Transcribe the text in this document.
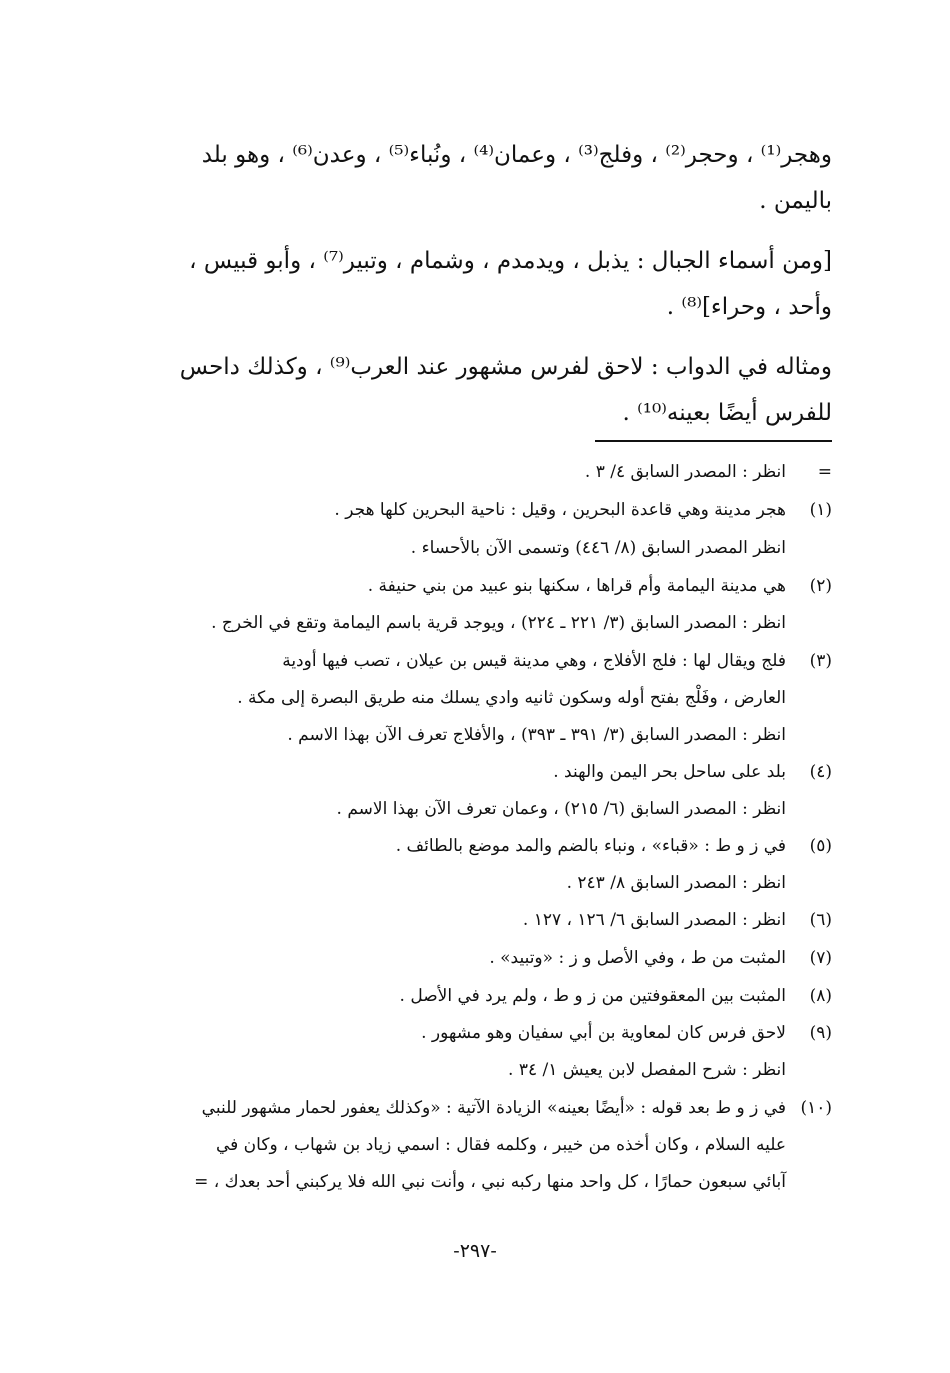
وهجر⁽¹⁾ ، وحجر⁽²⁾ ، وفلج⁽³⁾ ، وعمان⁽⁴⁾ ، ونُباء⁽⁵⁾ ، وعدن⁽⁶⁾ ، وهو بلد
باليمن .
[ومن أسماء الجبال : يذبل ، ويدمدم ، وشمام ، وتبير⁽⁷⁾ ، وأبو قبيس ،
وأحد ، وحراء]⁽⁸⁾ .
ومثاله في الدواب : لاحق لفرس مشهور عند العرب⁽⁹⁾ ، وكذلك داحس
للفرس أيضًا بعينه⁽¹⁰⁾ .
=انظر : المصدر السابق ٤/ ٣ .
(١)هجر مدينة وهي قاعدة البحرين ، وقيل : ناحية البحرين كلها هجر .
انظر المصدر السابق (٨/ ٤٤٦) وتسمى الآن بالأحساء .
(٢)هي مدينة اليمامة وأم قراها ، سكنها بنو عبيد من بني حنيفة .
انظر : المصدر السابق (٣/ ٢٢١ ـ ٢٢٤) ، ويوجد قرية باسم اليمامة وتقع في الخرج .
(٣)فلج ويقال لها : فلج الأفلاج ، وهي مدينة قيس بن عيلان ، تصب فيها أودية
العارض ، وفَلْج بفتح أوله وسكون ثانيه وادي يسلك منه طريق البصرة إلى مكة .
انظر : المصدر السابق (٣/ ٣٩١ ـ ٣٩٣) ، والأفلاج تعرف الآن بهذا الاسم .
(٤)بلد على ساحل بحر اليمن والهند .
انظر : المصدر السابق (٦/ ٢١٥) ، وعمان تعرف الآن بهذا الاسم .
(٥)في ز و ط : «قباء» ، ونباء بالضم والمد موضع بالطائف .
انظر : المصدر السابق ٨/ ٢٤٣ .
(٦)انظر : المصدر السابق ٦/ ١٢٦ ، ١٢٧ .
(٧)المثبت من ط ، وفي الأصل و ز : «وتبيد» .
(٨)المثبت بين المعقوفتين من ز و ط ، ولم يرد في الأصل .
(٩)لاحق فرس كان لمعاوية بن أبي سفيان وهو مشهور .
انظر : شرح المفصل لابن يعيش ١/ ٣٤ .
(١٠)في ز و ط بعد قوله : «أيضًا بعينه» الزيادة الآتية : «وكذلك يعفور لحمار مشهور للنبي
عليه السلام ، وكان أخذه من خيبر ، وكلمه فقال : اسمي زياد بن شهاب ، وكان في
آبائي سبعون حمارًا ، كل واحد منها ركبه نبي ، وأنت نبي الله فلا يركبني أحد بعدك ، =
-٢٩٧-
